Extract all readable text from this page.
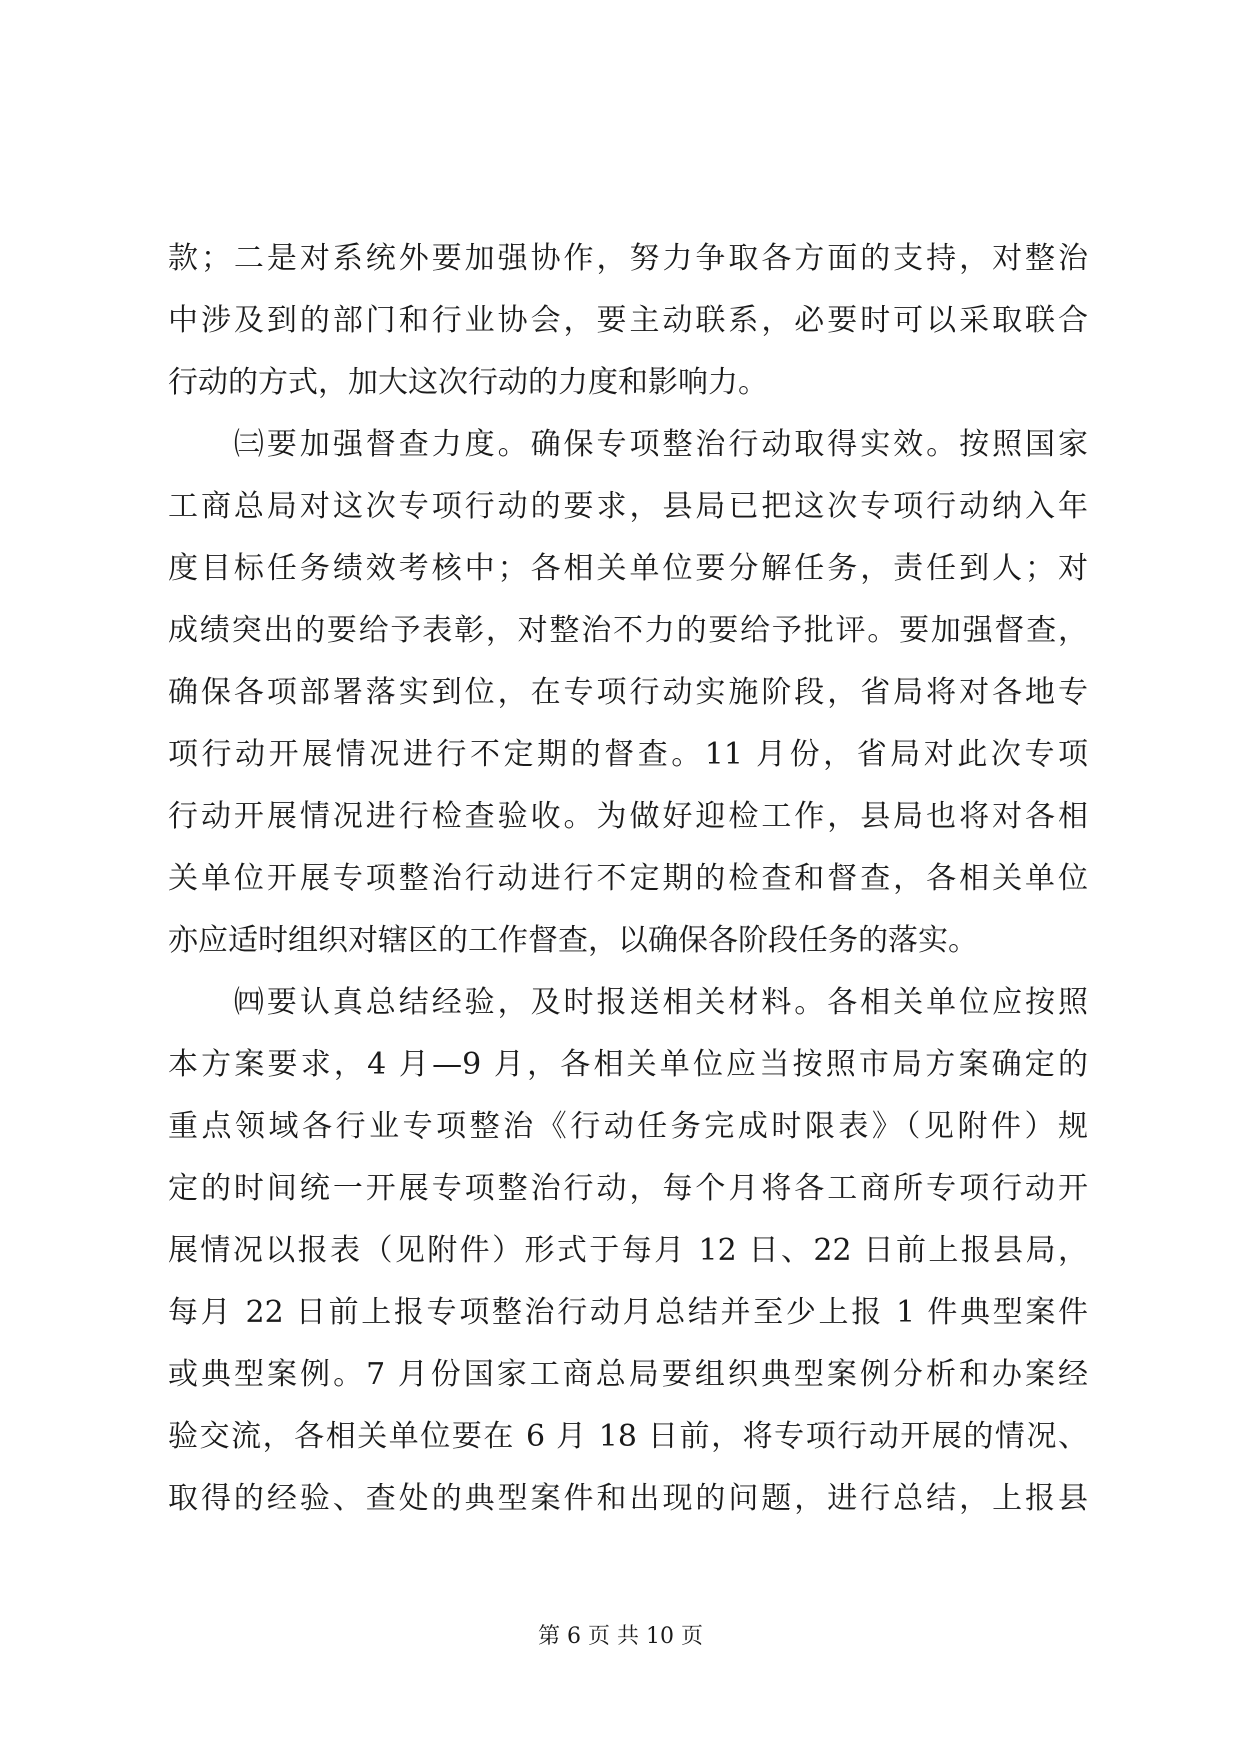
款；二是对系统外要加强协作，努力争取各方面的支持，对整治
中涉及到的部门和行业协会，要主动联系，必要时可以采取联合
行动的方式，加大这次行动的力度和影响力。
　　㈢要加强督查力度。确保专项整治行动取得实效。按照国家
工商总局对这次专项行动的要求，县局已把这次专项行动纳入年
度目标任务绩效考核中；各相关单位要分解任务，责任到人；对
成绩突出的要给予表彰，对整治不力的要给予批评。要加强督查，
确保各项部署落实到位，在专项行动实施阶段，省局将对各地专
项行动开展情况进行不定期的督查。11 月份，省局对此次专项
行动开展情况进行检查验收。为做好迎检工作，县局也将对各相
关单位开展专项整治行动进行不定期的检查和督查，各相关单位
亦应适时组织对辖区的工作督查，以确保各阶段任务的落实。
　　㈣要认真总结经验，及时报送相关材料。各相关单位应按照
本方案要求，4 月—9 月，各相关单位应当按照市局方案确定的
重点领域各行业专项整治《行动任务完成时限表》（见附件）规
定的时间统一开展专项整治行动，每个月将各工商所专项行动开
展情况以报表（见附件）形式于每月 12 日、22 日前上报县局，
每月 22 日前上报专项整治行动月总结并至少上报 1 件典型案件
或典型案例。7 月份国家工商总局要组织典型案例分析和办案经
验交流，各相关单位要在 6 月 18 日前，将专项行动开展的情况、
取得的经验、查处的典型案件和出现的问题，进行总结，上报县
第 6 页 共 10 页
